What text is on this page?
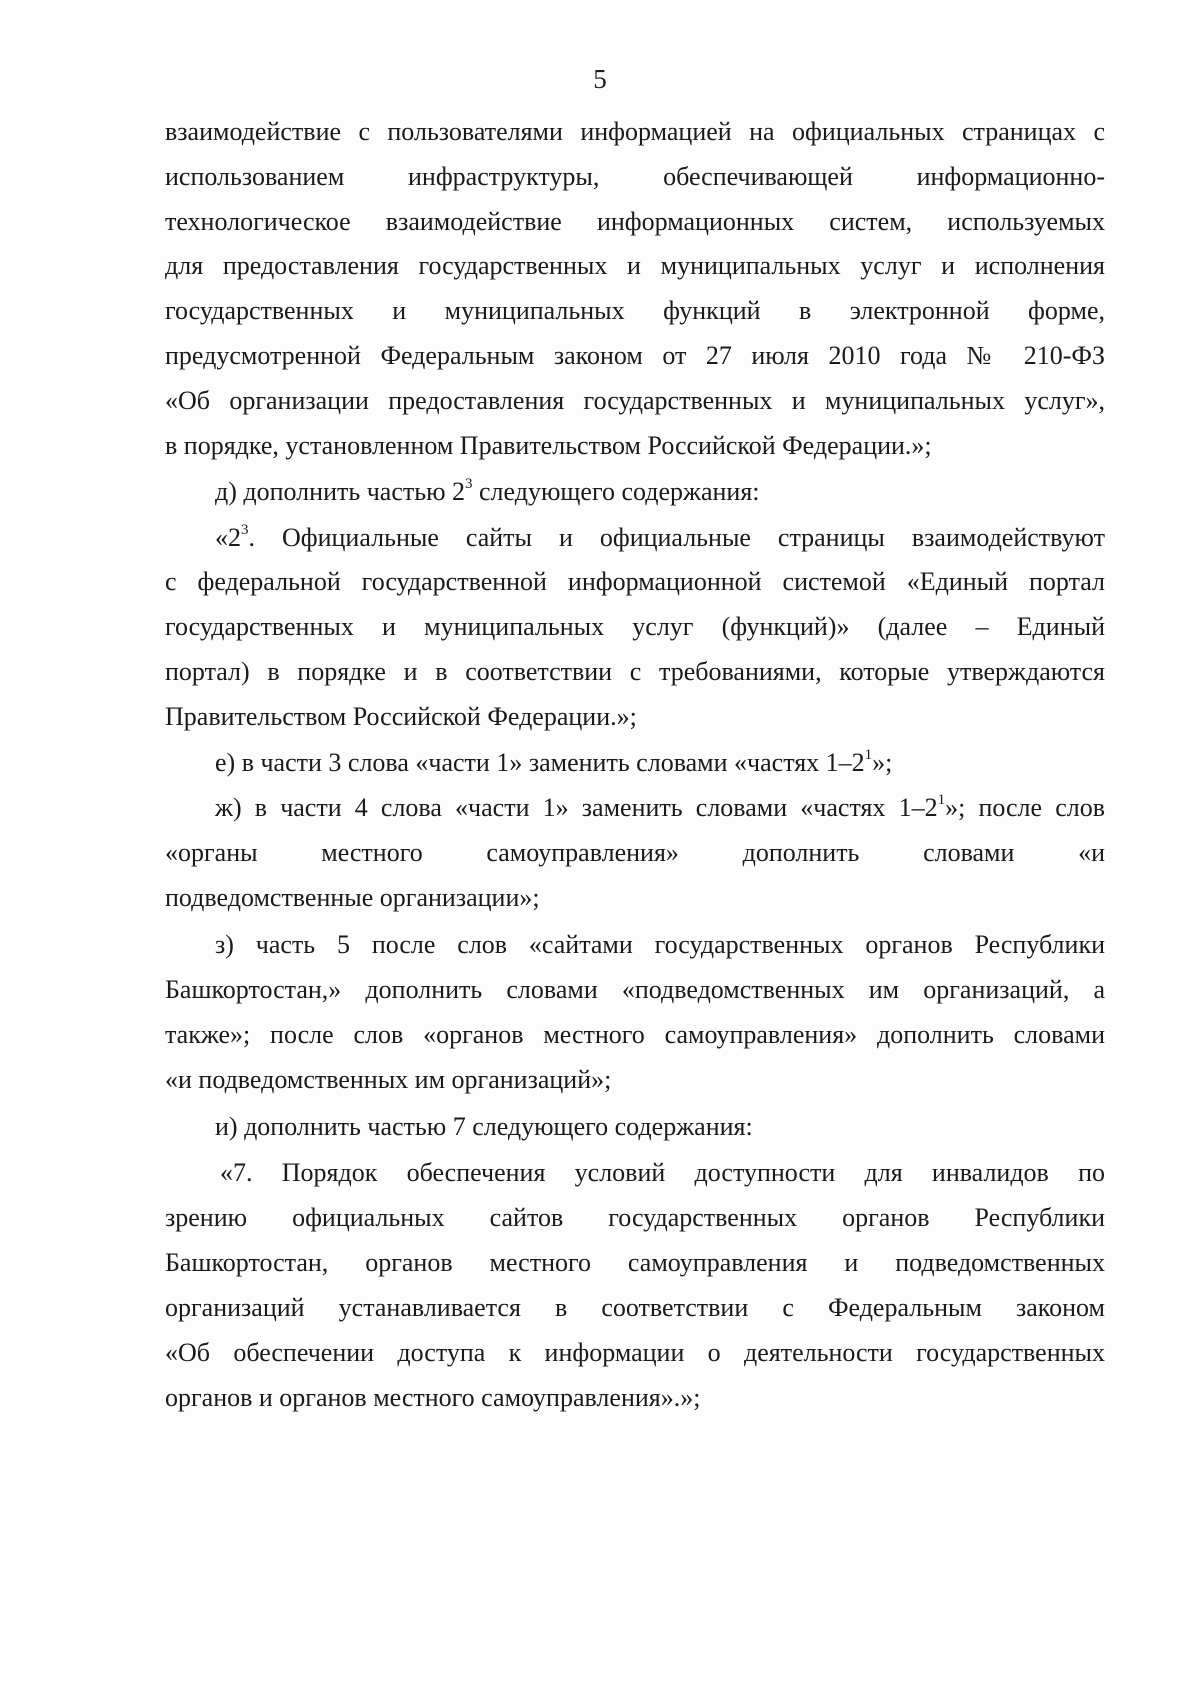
5
взаимодействие с пользователями информацией на официальных страницах с
использованием инфраструктуры, обеспечивающей информационно-
технологическое взаимодействие информационных систем, используемых
для предоставления государственных и муниципальных услуг и исполнения
государственных и муниципальных функций в электронной форме,
предусмотренной Федеральным законом от 27 июля 2010 года № 210-ФЗ
«Об организации предоставления государственных и муниципальных услуг»,
в порядке, установленном Правительством Российской Федерации.»;
д) дополнить частью $2^3$ следующего содержания:
«$2^3$. Официальные сайты и официальные страницы взаимодействуют
с федеральной государственной информационной системой «Единый портал
государственных и муниципальных услуг (функций)» (далее – Единый
портал) в порядке и в соответствии с требованиями, которые утверждаются
Правительством Российской Федерации.»;
е) в части 3 слова «части 1» заменить словами «частях $1-2^1$»;
ж) в части 4 слова «части 1» заменить словами «частях $1-2^1$»; после слов
«органы местного самоуправления» дополнить словами «и
подведомственные организации»;
з) часть 5 после слов «сайтами государственных органов Республики
Башкортостан,» дополнить словами «подведомственных им организаций, а
также»; после слов «органов местного самоуправления» дополнить словами
«и подведомственных им организаций»;
и) дополнить частью 7 следующего содержания:
«7. Порядок обеспечения условий доступности для инвалидов по
зрению официальных сайтов государственных органов Республики
Башкортостан, органов местного самоуправления и подведомственных
организаций устанавливается в соответствии с Федеральным законом
«Об обеспечении доступа к информации о деятельности государственных
органов и органов местного самоуправления».»;
